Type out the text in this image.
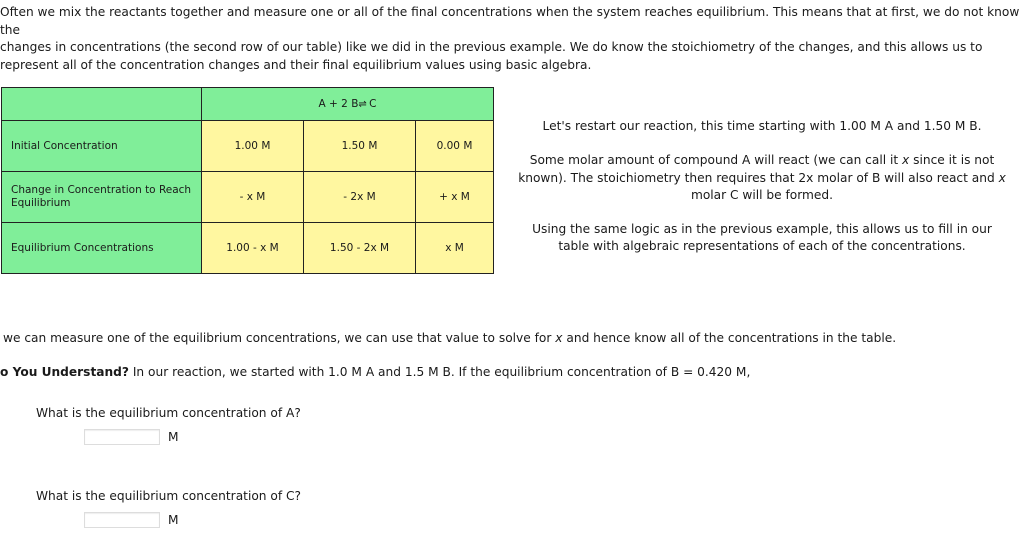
Often we mix the reactants together and measure one or all of the final concentrations when the system reaches equilibrium. This means that at first, we do not know the
changes in concentrations (the second row of our table) like we did in the previous example. We do know the stoichiometry of the changes, and this allows us to
represent all of the concentration changes and their final equilibrium values using basic algebra.
	A + 2 B⇌ C		
Initial Concentration	1.00 M	1.50 M	0.00 M
Change in Concentration to Reach Equilibrium	- x M	- 2x M	+ x M
Equilibrium Concentrations	1.00 - x M	1.50 - 2x M	x M

Let's restart our reaction, this time starting with 1.00 M A and 1.50 M B.

Some molar amount of compound A will react (we can call it x since it is not known). The stoichiometry then requires that 2x molar of B will also react and x molar C will be formed.

Using the same logic as in the previous example, this allows us to fill in our table with algebraic representations of each of the concentrations.

we can measure one of the equilibrium concentrations, we can use that value to solve for x and hence know all of the concentrations in the table.

o You Understand? In our reaction, we started with 1.0 M A and 1.5 M B. If the equilibrium concentration of B = 0.420 M,

What is the equilibrium concentration of A?

M

What is the equilibrium concentration of C?

M
